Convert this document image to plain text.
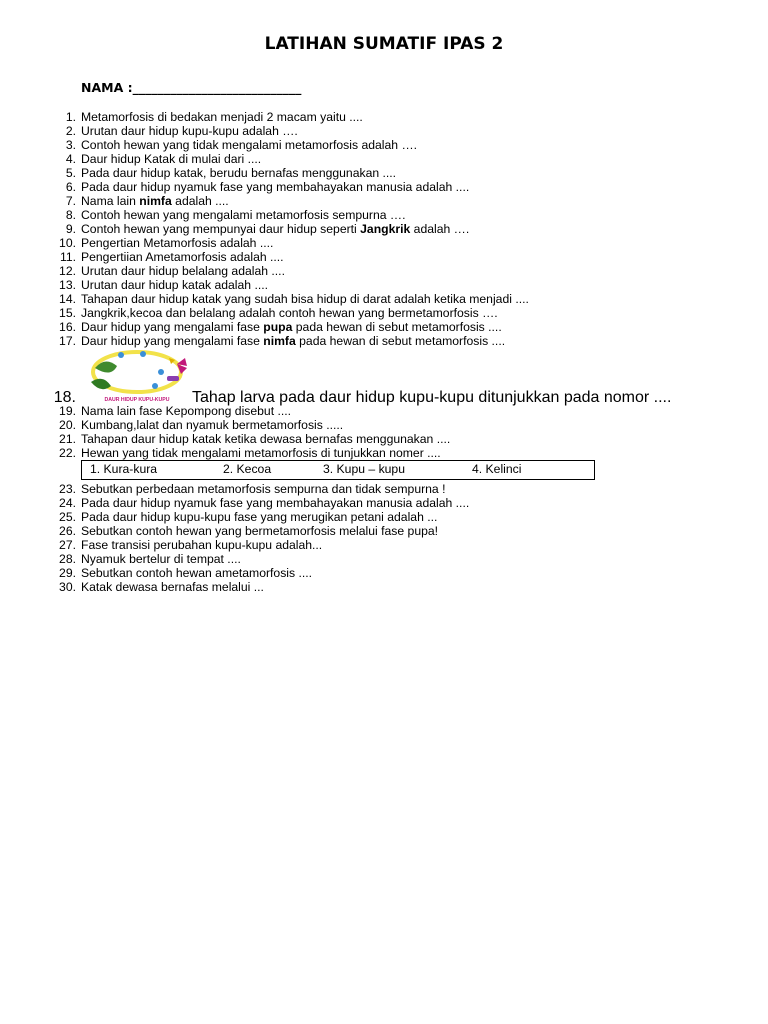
LATIHAN SUMATIF IPAS 2
NAMA :___________________________
1. Metamorfosis di bedakan menjadi 2 macam yaitu ....
2. Urutan daur hidup kupu-kupu adalah ….
3. Contoh hewan yang tidak mengalami metamorfosis adalah ….
4. Daur hidup Katak di mulai dari ....
5. Pada daur hidup katak, berudu bernafas menggunakan ....
6. Pada daur hidup nyamuk fase yang membahayakan manusia adalah ....
7. Nama lain nimfa adalah ....
8. Contoh hewan yang mengalami metamorfosis sempurna ….
9. Contoh hewan yang mempunyai daur hidup seperti Jangkrik adalah ….
10. Pengertian Metamorfosis adalah ....
11. Pengertiian Ametamorfosis adalah ....
12. Urutan daur hidup belalang adalah ....
13. Urutan daur hidup katak adalah ....
14. Tahapan daur hidup katak yang sudah bisa hidup di darat adalah ketika menjadi ....
15. Jangkrik,kecoa dan belalang adalah contoh hewan yang bermetamorfosis ….
16. Daur hidup yang mengalami fase pupa pada hewan di sebut metamorfosis ....
17. Daur hidup yang mengalami fase nimfa pada hewan di sebut metamorfosis ....
DAUR HIDUP KUPU-KUPU
18.	Tahap larva pada daur hidup kupu-kupu ditunjukkan pada nomor ....
19. Nama lain fase Kepompong disebut ....
20. Kumbang,lalat dan nyamuk bermetamorfosis .....
21. Tahapan daur hidup katak ketika dewasa bernafas menggunakan ....
22. Hewan yang tidak mengalami metamorfosis di tunjukkan nomer ....
1. Kura-kura	2. Kecoa	3. Kupu – kupu	4. Kelinci
23. Sebutkan perbedaan metamorfosis sempurna dan tidak sempurna !
24. Pada daur hidup nyamuk fase yang membahayakan manusia adalah ....
25. Pada daur hidup kupu-kupu fase yang merugikan petani adalah ...
26. Sebutkan contoh hewan yang bermetamorfosis melalui fase pupa!
27. Fase transisi perubahan kupu-kupu adalah...
28. Nyamuk bertelur di tempat ....
29. Sebutkan contoh hewan ametamorfosis ....
30. Katak dewasa bernafas melalui ...
